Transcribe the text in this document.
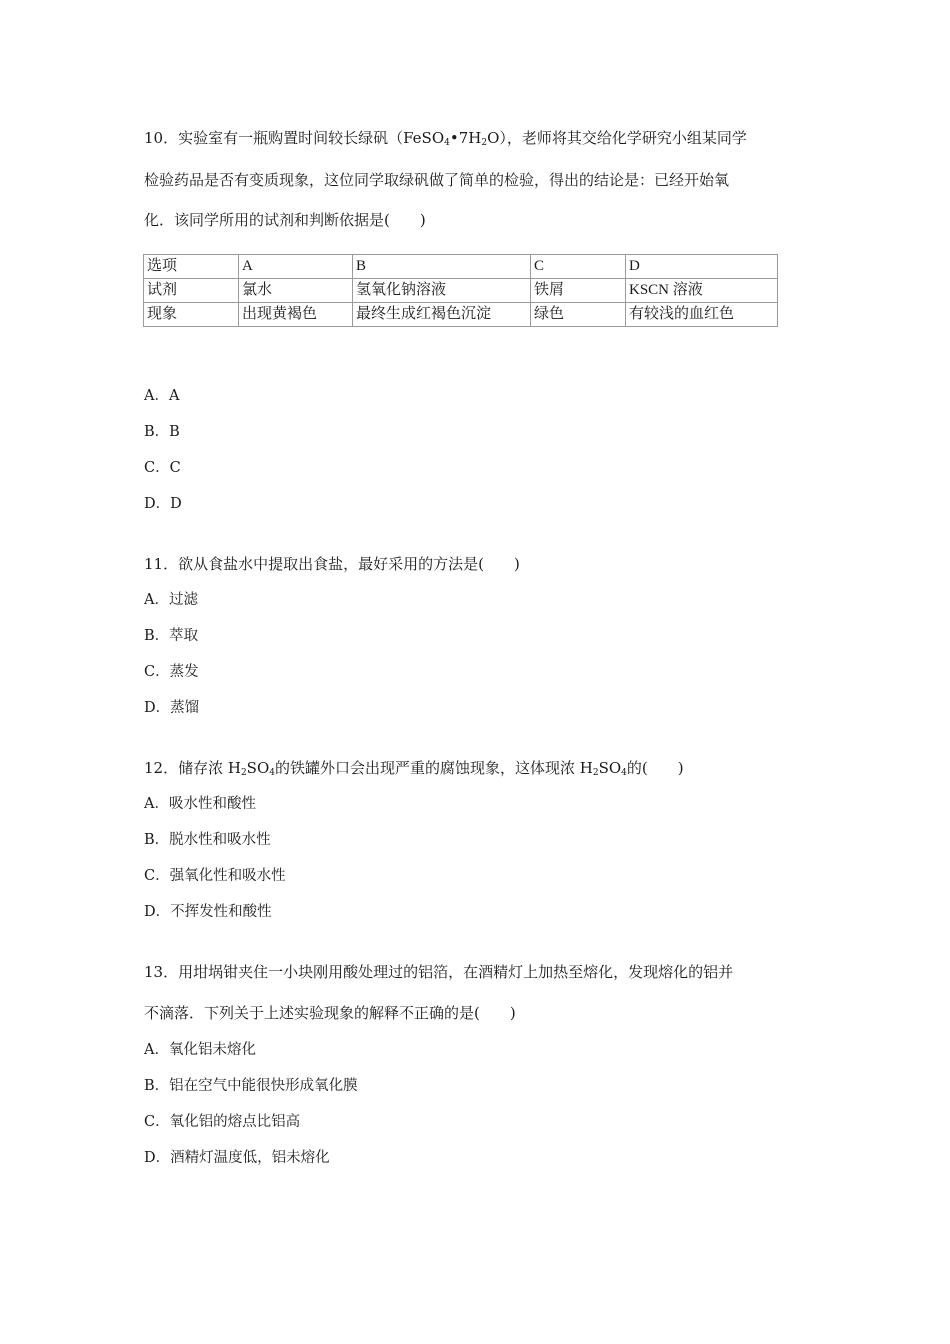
10．实验室有一瓶购置时间较长绿矾$(FeSO_4•7H_2O)$，老师将其交给化学研究小组某同学
检验药品是否有变质现象，这位同学取绿矾做了简单的检验，得出的结论是：已经开始氧
化．该同学所用的试剂和判断依据是(　　)
选项	A	B	C	D
试剂	氯水	氢氧化钠溶液	铁屑	KSCN 溶液
现象	出现黄褐色	最终生成红褐色沉淀	绿色	有较浅的血红色
A．A
B．B
C．C
D．D
11．欲从食盐水中提取出食盐，最好采用的方法是(　　)
A．过滤
B．萃取
C．蒸发
D．蒸馏
12．储存浓 $H_2SO_4$的铁罐外口会出现严重的腐蚀现象，这体现浓 $H_2SO_4$的(　　)
A．吸水性和酸性
B．脱水性和吸水性
C．强氧化性和吸水性
D．不挥发性和酸性
13．用坩埚钳夹住一小块刚用酸处理过的铝箔，在酒精灯上加热至熔化，发现熔化的铝并
不滴落．下列关于上述实验现象的解释不正确的是(　　)
A．氧化铝未熔化
B．铝在空气中能很快形成氧化膜
C．氧化铝的熔点比铝高
D．酒精灯温度低，铝未熔化
